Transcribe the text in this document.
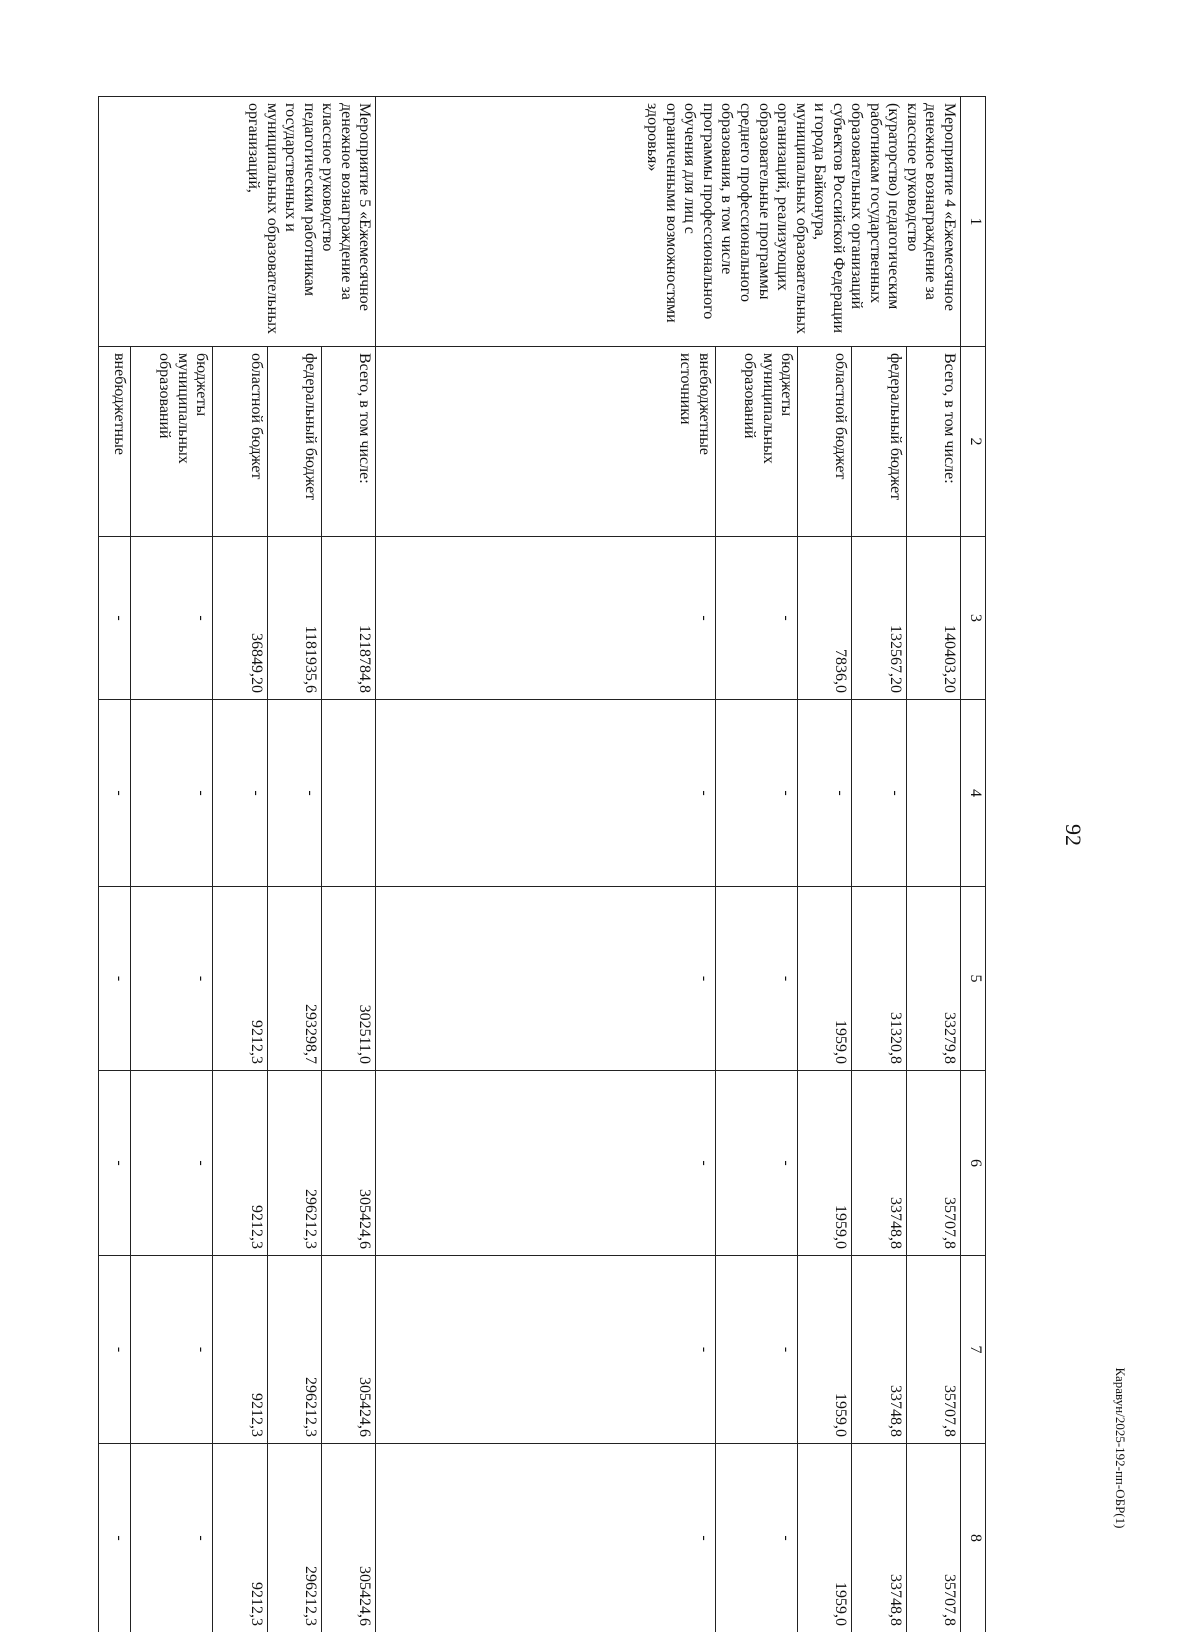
92
1	2	3	4	5	6	7	8
Мероприятие 4 «Ежемесячное денежное вознаграждение за классное руководство (кураторство) педагогическим работникам государственных образовательных организаций субъектов Российской Федерации и города Байконура, муниципальных образовательных организаций, реализующих образовательные программы среднего профессионального образования, в том числе программы профессионального обучения для лиц с ограниченными возможностями здоровья»	Всего, в том числе:	140403,20		33279,8	35707,8	35707,8	35707,8
	федеральный бюджет	132567,20	-	31320,8	33748,8	33748,8	33748,8
	областной бюджет	7836,0	-	1959,0	1959,0	1959,0	1959,0
	бюджеты муниципальных образований	-	-	-	-	-	-
	внебюджетные источники	-	-	-	-	-	-
Мероприятие 5 «Ежемесячное денежное вознаграждение за классное руководство педагогическим работникам государственных и муниципальных образовательных организаций,	Всего, в том числе:	1218784,8		302511,0	305424,6	305424,6	305424,6
	федеральный бюджет	1181935,6	-	293298,7	296212,3	296212,3	296212,3
	областной бюджет	36849,20	-	9212,3	9212,3	9212,3	9212,3
	бюджеты муниципальных образований	-	-	-	-	-	-
	внебюджетные	-	-	-	-	-	-
Каравун/2025-192-пп-ОБР(1)
